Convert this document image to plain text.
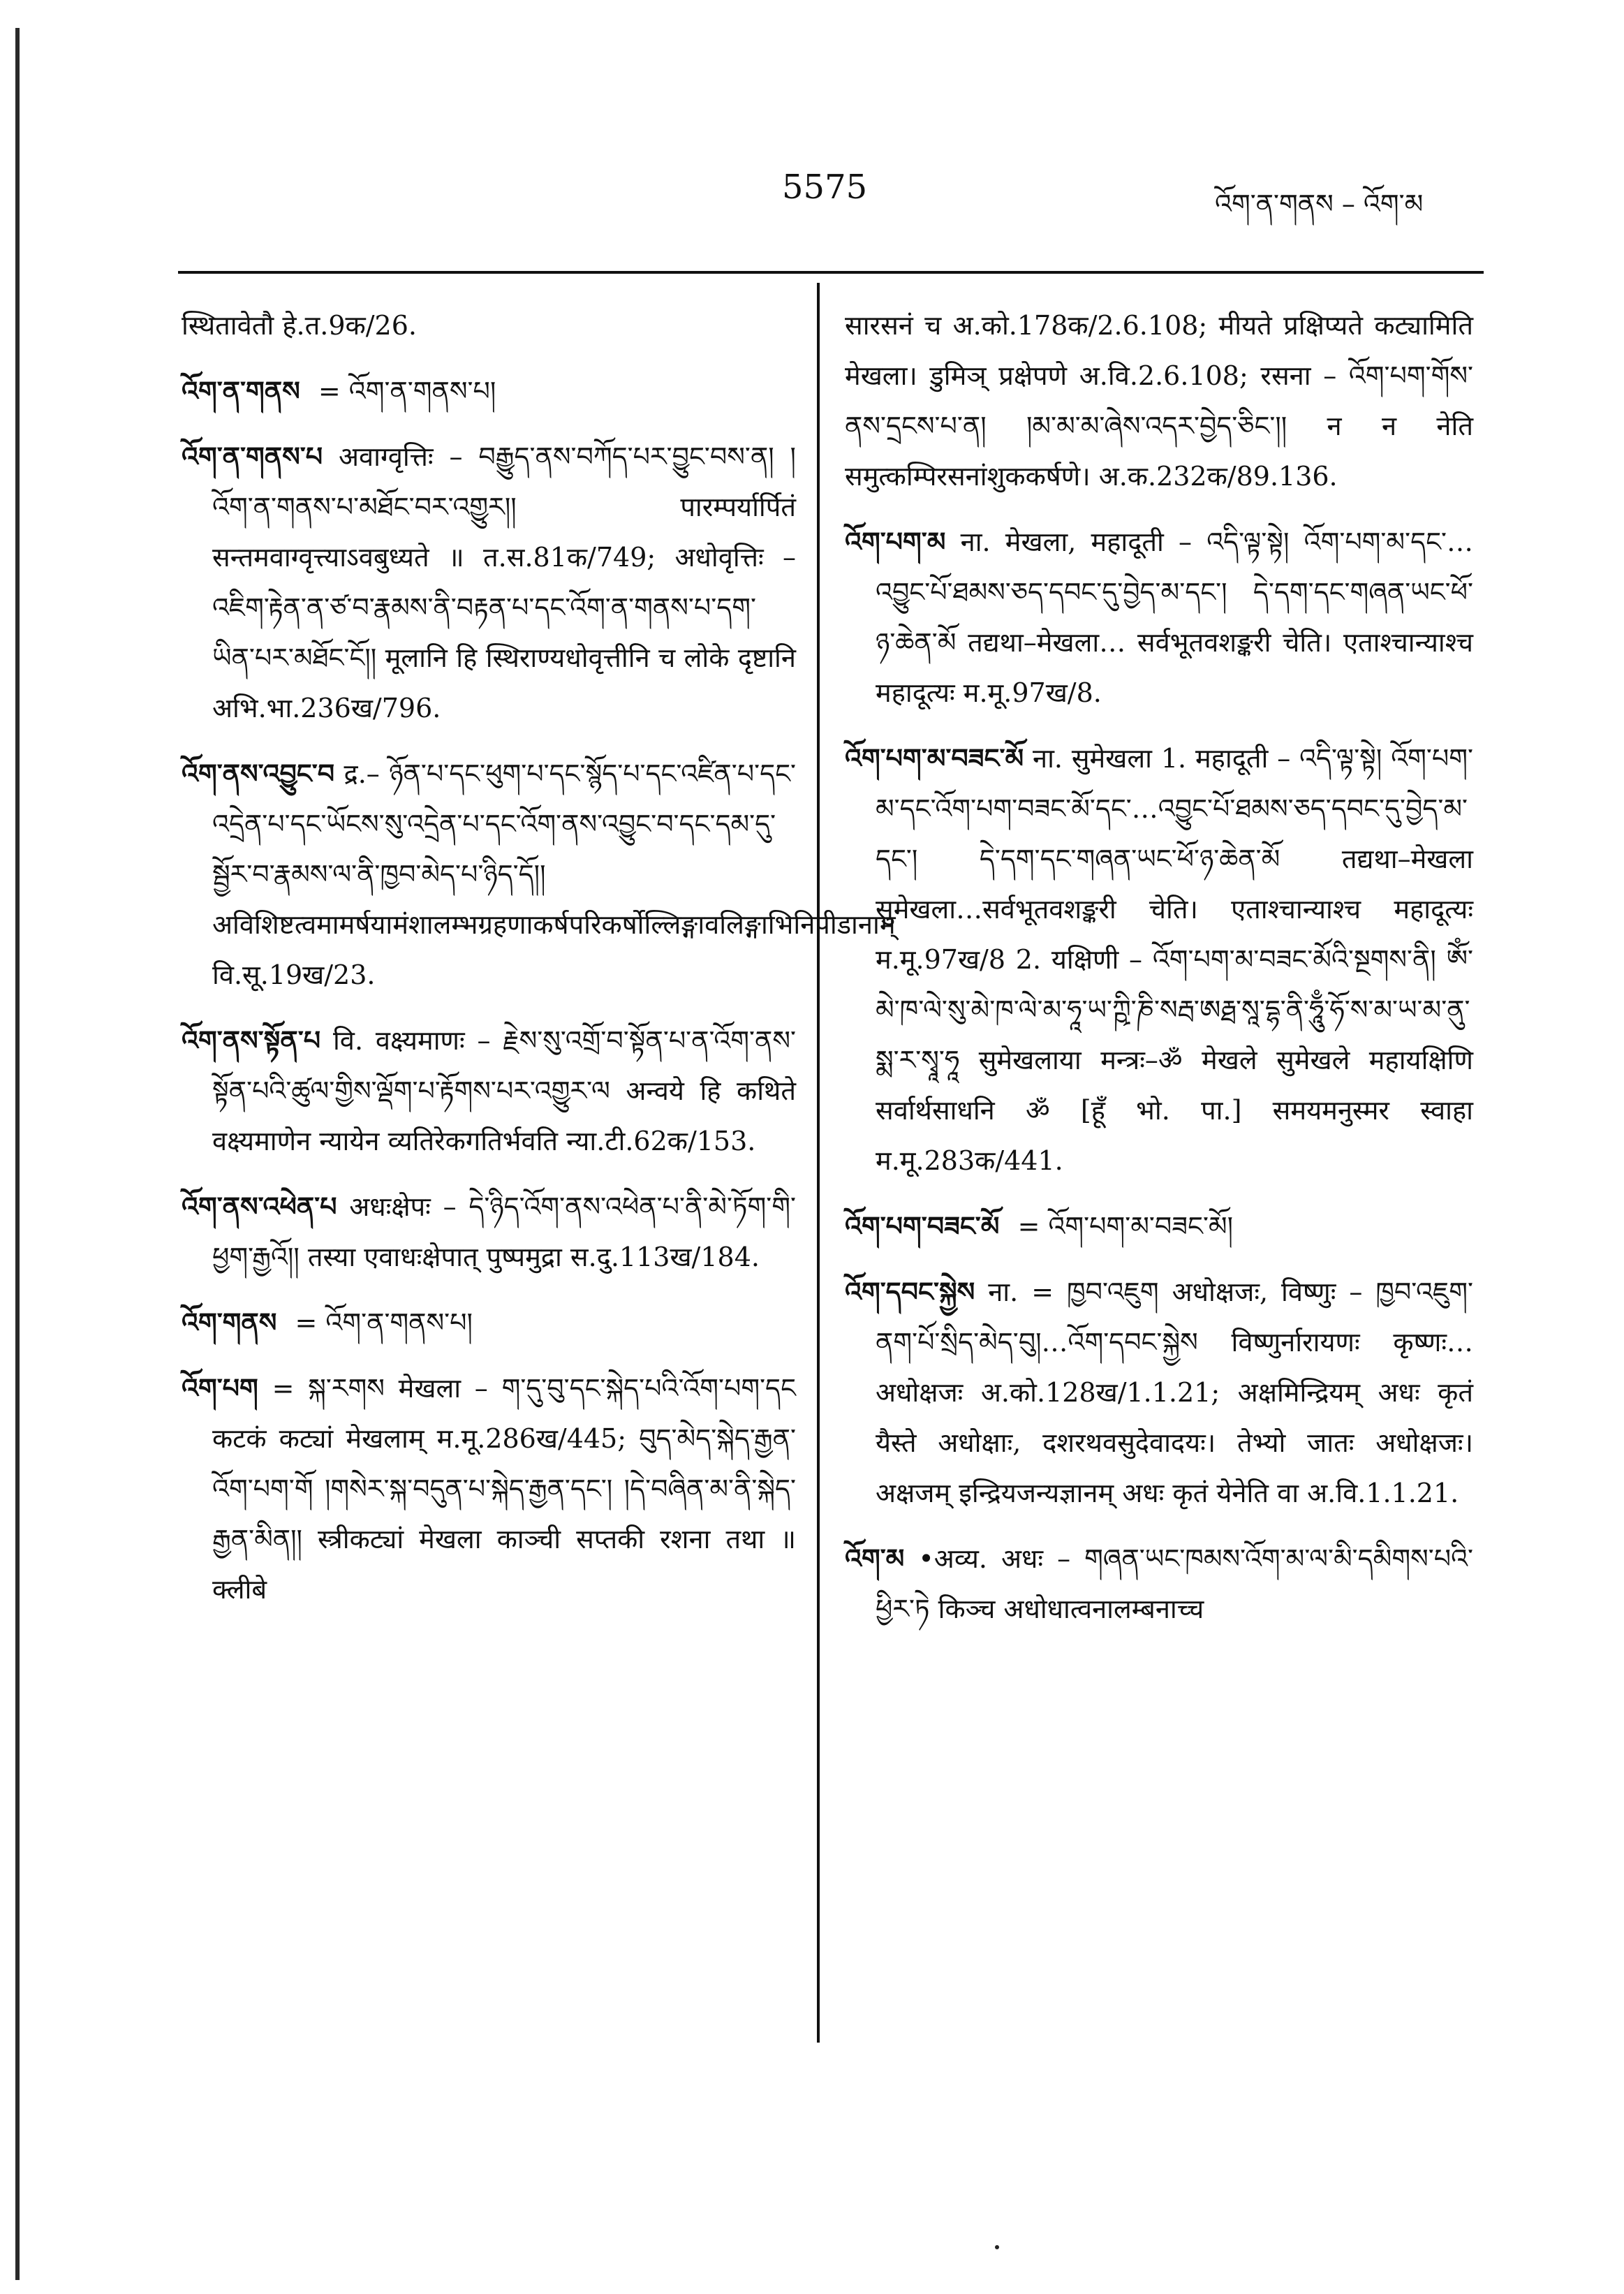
5575	འོག་ན་གནས – འོག་མ

स्थितावेतौ हे.त.9क/26.

འོག་ན་གནས = འོག་ན་གནས་པ།

འོག་ན་གནས་པ अवाग्वृत्तिः – བརྒྱུད་ནས་བཀོད་པར་བྱུང་བས་ན། །འོག་ན་གནས་པ་མཐོང་བར་འགྱུར།། पारम्पर्यार्पितं सन्तमवाग्वृत्त्याऽवबुध्यते ॥ त.स.81क/749; अधोवृत्तिः – འཇིག་རྟེན་ན་ཙ་བ་རྣམས་ནི་བརྟན་པ་དང་འོག་ན་གནས་པ་དག་ཡིན་པར་མཐོང་ངོ།། मूलानि हि स्थिराण्यधोवृत्तीनि च लोके दृष्टानि अभि.भा.236ख/796.

འོག་ནས་འབྱུང་བ द्र.– ཉོན་པ་དང་ཕུག་པ་དང་སྙོད་པ་དང་འཛིན་པ་དང་འདྲེན་པ་དང་ཡོངས་སུ་འདྲེན་པ་དང་འོག་ནས་འབྱུང་བ་དང་དམ་དུ་སྦྱོར་བ་རྣམས་ལ་ནི་ཁྱབ་མེད་པ་ཉིད་དོ།། अविशिष्टत्वमामर्षयामंशालम्भग्रहणाकर्षपरिकर्षोल्लिङ्गावलिङ्गाभिनिपीडानाम् वि.सू.19ख/23.

འོག་ནས་སྟོན་པ वि. वक्ष्यमाणः – རྗེས་སུ་འགྲོ་བ་སྟོན་པ་ན་འོག་ནས་སྟོན་པའི་ཚུལ་གྱིས་ལྡོག་པ་རྟོགས་པར་འགྱུར་ལ अन्वये हि कथिते वक्ष्यमाणेन न्यायेन व्यतिरेकगतिर्भवति न्या.टी.62क/153.

འོག་ནས་འཕེན་པ अधःक्षेपः – དེ་ཉིད་འོག་ནས་འཕེན་པ་ནི་མེ་ཏོག་གི་ཕྱག་རྒྱའོ།། तस्या एवाधःक्षेपात् पुष्पमुद्रा स.दु.113ख/184.

འོག་གནས = འོག་ན་གནས་པ།

འོག་པག = སྐ་རགས मेखला – ག་དུ་བུ་དང་སྐེད་པའི་འོག་པག་དང कटकं कट्यां मेखलाम् म.मू.286ख/445; བུད་མེད་སྐེད་རྒྱན་འོག་པག་གོ །གསེར་སྐ་བདུན་པ་སྐེད་རྒྱན་དང་། །དེ་བཞིན་མ་ནི་སྐེད་རྒྱན་མིན།། स्त्रीकट्यां मेखला काञ्ची सप्तकी रशना तथा ॥ क्लीबे

सारसनं च अ.को.178क/2.6.108; मीयते प्रक्षिप्यते कट्यामिति मेखला। डुमिञ् प्रक्षेपणे अ.वि.2.6.108; रसना – འོག་པག་གོས་ནས་དྲངས་པ་ན། །མ་མ་མ་ཞེས་འདར་བྱེད་ཅིང་།། न न नेति समुत्कम्पिरसनांशुककर्षणे। अ.क.232क/89.136.

འོག་པག་མ ना. मेखला, महादूती – འདི་ལྟ་སྟེ། འོག་པག་མ་དང་…འབྱུང་པོ་ཐམས་ཅད་དབང་དུ་བྱེད་མ་དང་། དེ་དག་དང་གཞན་ཡང་ཕོ་ཉ་ཆེན་མོ तद्यथा–मेखला… सर्वभूतवशङ्करी चेति। एताश्चान्याश्च महादूत्यः म.मू.97ख/8.

འོག་པག་མ་བཟང་མོ ना. सुमेखला 1. महादूती – འདི་ལྟ་སྟེ། འོག་པག་མ་དང་འོག་པག་བཟང་མོ་དང་…འབྱུང་པོ་ཐམས་ཅད་དབང་དུ་བྱེད་མ་དང་། དེ་དག་དང་གཞན་ཡང་ཕོ་ཉ་ཆེན་མོ तद्यथा–मेखला सुमेखला…सर्वभूतवशङ्करी चेति। एताश्चान्याश्च महादूत्यः म.मू.97ख/8 2. यक्षिणी – འོག་པག་མ་བཟང་མོའི་སྔགས་ནི། ཨོཾ་མེ་ཁ་ལེ་སུ་མེ་ཁ་ལེ་མ་ཧཱ་ཡ་ཀྵི་ཎི་སརྦ་ཨརྠ་སཱ་དྷ་ནི་ཧཱུྃ་ཧོ་ས་མ་ཡ་མ་ནུ་སྨ་ར་སྭཱ་ཧཱ सुमेखलाया मन्त्रः–ॐ मेखले सुमेखले महायक्षिणि सर्वार्थसाधनि ॐ [हूँ भो. पा.] समयमनुस्मर स्वाहा म.मू.283क/441.

འོག་པག་བཟང་མོ = འོག་པག་མ་བཟང་མོ།

འོག་དབང་སྐྱེས ना. = ཁྱབ་འཇུག अधोक्षजः, विष्णुः – ཁྱབ་འཇུག་ནག་པོ་སྲིད་མེད་བུ།…འོག་དབང་སྐྱེས विष्णुर्नारायणः कृष्णः…अधोक्षजः अ.को.128ख/1.1.21; अक्षमिन्द्रियम् अधः कृतं यैस्ते अधोक्षाः, दशरथवसुदेवादयः। तेभ्यो जातः अधोक्षजः। अक्षजम् इन्द्रियजन्यज्ञानम् अधः कृतं येनेति वा अ.वि.1.1.21.

འོག་མ •अव्य. अधः – གཞན་ཡང་ཁམས་འོག་མ་ལ་མི་དམིགས་པའི་ཕྱིར་ཏེ किञ्च अधोधात्वनालम्बनाच्च
